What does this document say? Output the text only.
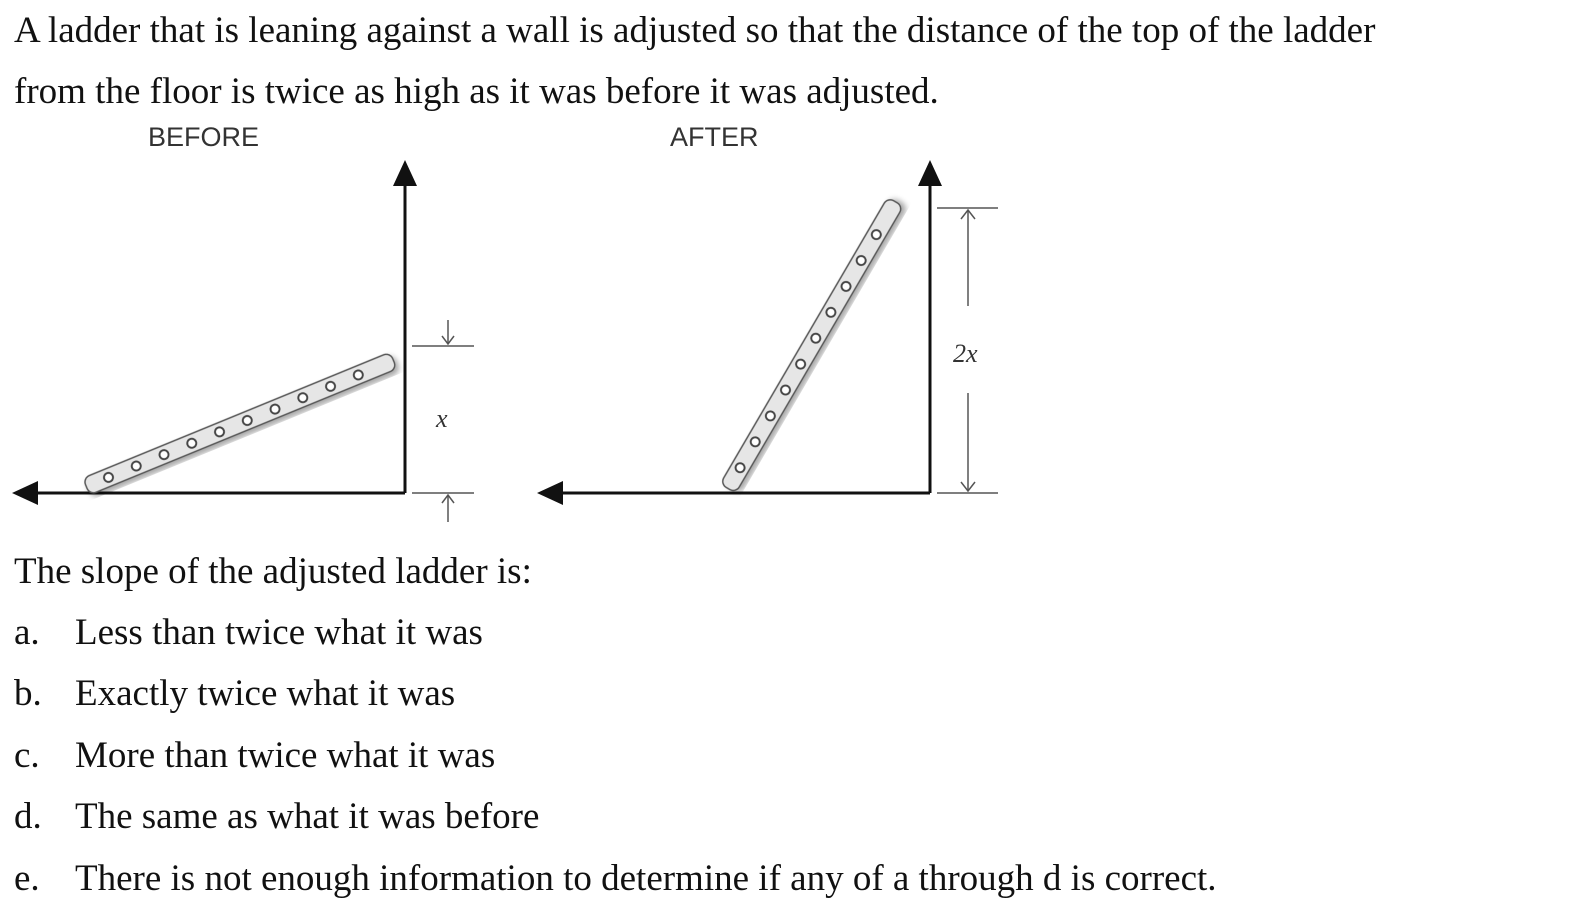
A ladder that is leaning against a wall is adjusted so that the distance of the top of the ladder

from the floor is twice as high as it was before it was adjusted.

BEFORE
x
AFTER
2x

The slope of the adjusted ladder is:

a. Less than twice what it was
b. Exactly twice what it was
c. More than twice what it was
d. The same as what it was before
e. There is not enough information to determine if any of a through d is correct.
